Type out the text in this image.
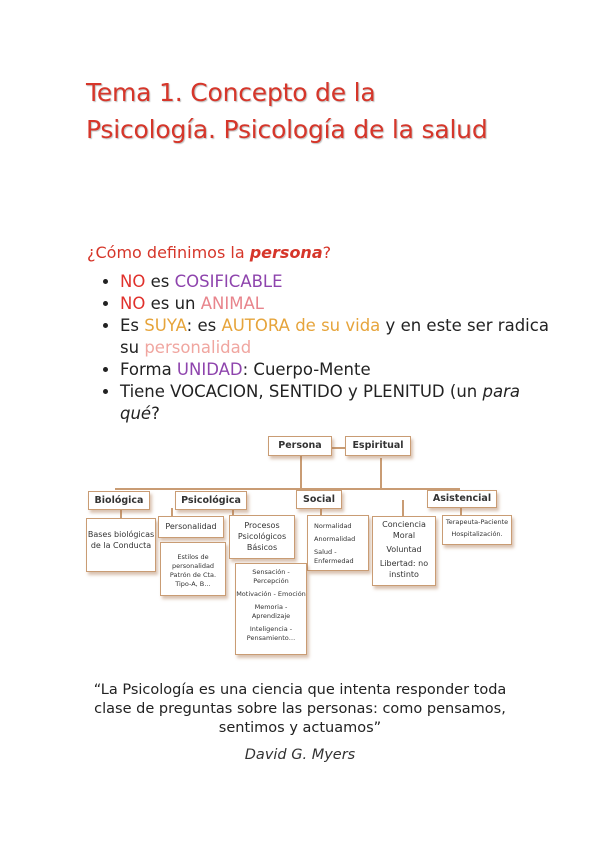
Tema 1. Concepto de la
Psicología. Psicología de la salud
¿Cómo definimos la persona?
• NO es COSIFICABLE
• NO es un ANIMAL
• Es SUYA: es AUTORA de su vida y en este ser radica su personalidad
• Forma UNIDAD: Cuerpo-Mente
• Tiene VOCACION, SENTIDO y PLENITUD (un para qué?
Persona	Espiritual
Biológica	Psicológica	Social	Asistencial
Bases biológicas de la Conducta
Personalidad
Estilos de personalidad Patrón de Cta. Tipo-A, B…
Procesos Psicológicos Básicos
Normalidad
Anormalidad
Salud - Enfermedad
Conciencia Moral
Voluntad
Libertad: no instinto
Terapeuta-Paciente
Hospitalización.
Sensación - Percepción
Motivación - Emoción
Memoria - Aprendizaje
Inteligencia - Pensamiento…
“La Psicología es una ciencia que intenta responder toda clase de preguntas sobre las personas: como pensamos, sentimos y actuamos”
David G. Myers
